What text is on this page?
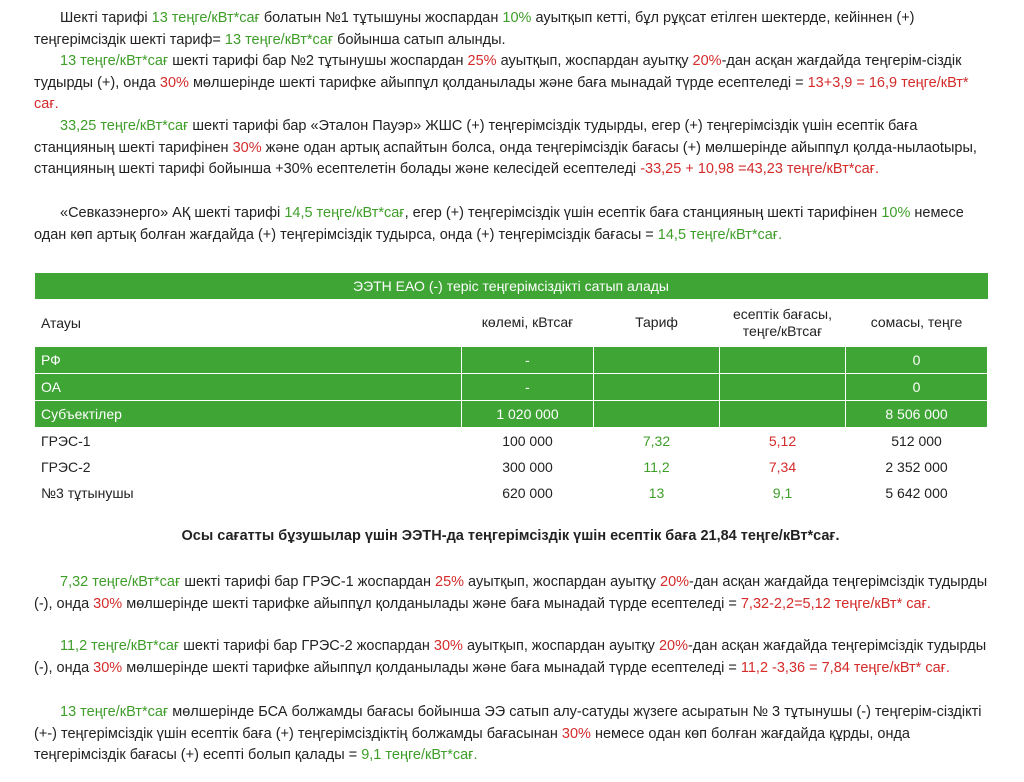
Шекті тарифі 13 теңге/кВт*сағ болатын №1 тұтышуны жоспардан 10% ауытқып кетті, бұл рұқсат етілген шектерде, кейіннен (+) теңгерімсіздік шекті тариф= 13 теңге/кВт*сағ бойынша сатып алынды.

13 теңге/кВт*сағ шекті тарифі бар №2 тұтынушы жоспардан 25% ауытқып, жоспардан ауытқу 20%-дан асқан жағдайда теңгерім-сіздік тудырды (+), онда 30% мөлшерінде шекті тарифке айыппұл қолданылады және баға мынадай түрде есептеледі = 13+3,9 = 16,9 теңге/кВт* сағ.

33,25 теңге/кВт*сағ шекті тарифі бар «Эталон Пауэр» ЖШС (+) теңгерімсіздік тудырды, егер (+) теңгерімсіздік үшін есептік баға станцияның шекті тарифінен 30% және одан артық аспайтын болса, онда теңгерімсіздік бағасы (+) мөлшерінде айыппұл қолда-нылаotыры, станцияның шекті тарифі бойынша +30% есептелетін болады және келесідей есептеледі -33,25 + 10,98 =43,23 теңге/кВт*сағ.

«Севказэнерго» АҚ шекті тарифі 14,5 теңге/кВт*сағ, егер (+) теңгерімсіздік үшін есептік баға станцияның шекті тарифінен 10% немесе одан көп артық болған жағдайда (+) теңгерімсіздік тудырса, онда (+) теңгерімсіздік бағасы = 14,5 теңге/кВт*сағ.

ЭЭТН ЕАО (-) теріс теңгерімсіздікті сатып алады				
Атауы	көлемі, кВтсағ	Тариф	есептік бағасы, теңге/кВтсағ	сомасы, теңге
РФ	-			0
ОА	-			0
Субъектілер	1 020 000			8 506 000
ГРЭС-1	100 000	7,32	5,12	512 000
ГРЭС-2	300 000	11,2	7,34	2 352 000
№3 тұтынушы	620 000	13	9,1	5 642 000
Осы сағатты бұзушылар үшін ЭЭТН-да теңгерімсіздік үшін есептік баға 21,84 теңге/кВт*сағ.

7,32 теңге/кВт*сағ шекті тарифі бар ГРЭС-1 жоспардан 25% ауытқып, жоспардан ауытқу 20%-дан асқан жағдайда теңгерімсіздік тудырды (-), онда 30% мөлшерінде шекті тарифке айыппұл қолданылады және баға мынадай түрде есептеледі = 7,32-2,2=5,12 теңге/кВт* сағ.

11,2 теңге/кВт*сағ шекті тарифі бар ГРЭС-2 жоспардан 30% ауытқып, жоспардан ауытқу 20%-дан асқан жағдайда теңгерімсіздік тудырды (-), онда 30% мөлшерінде шекті тарифке айыппұл қолданылады және баға мынадай түрде есептеледі = 11,2 -3,36 = 7,84 теңге/кВт* сағ.

13 теңге/кВт*сағ мөлшерінде БСА болжамды бағасы бойынша ЭЭ сатып алу-сатуды жүзеге асыратын № 3 тұтынушы (-) теңгерім-сіздікті (+-) теңгерімсіздік үшін есептік баға (+) теңгерімсіздіктің болжамды бағасынан 30% немесе одан көп болған жағдайда құрды, онда теңгерімсіздік бағасы (+) есепті болып қалады = 9,1 теңге/кВт*сағ.
